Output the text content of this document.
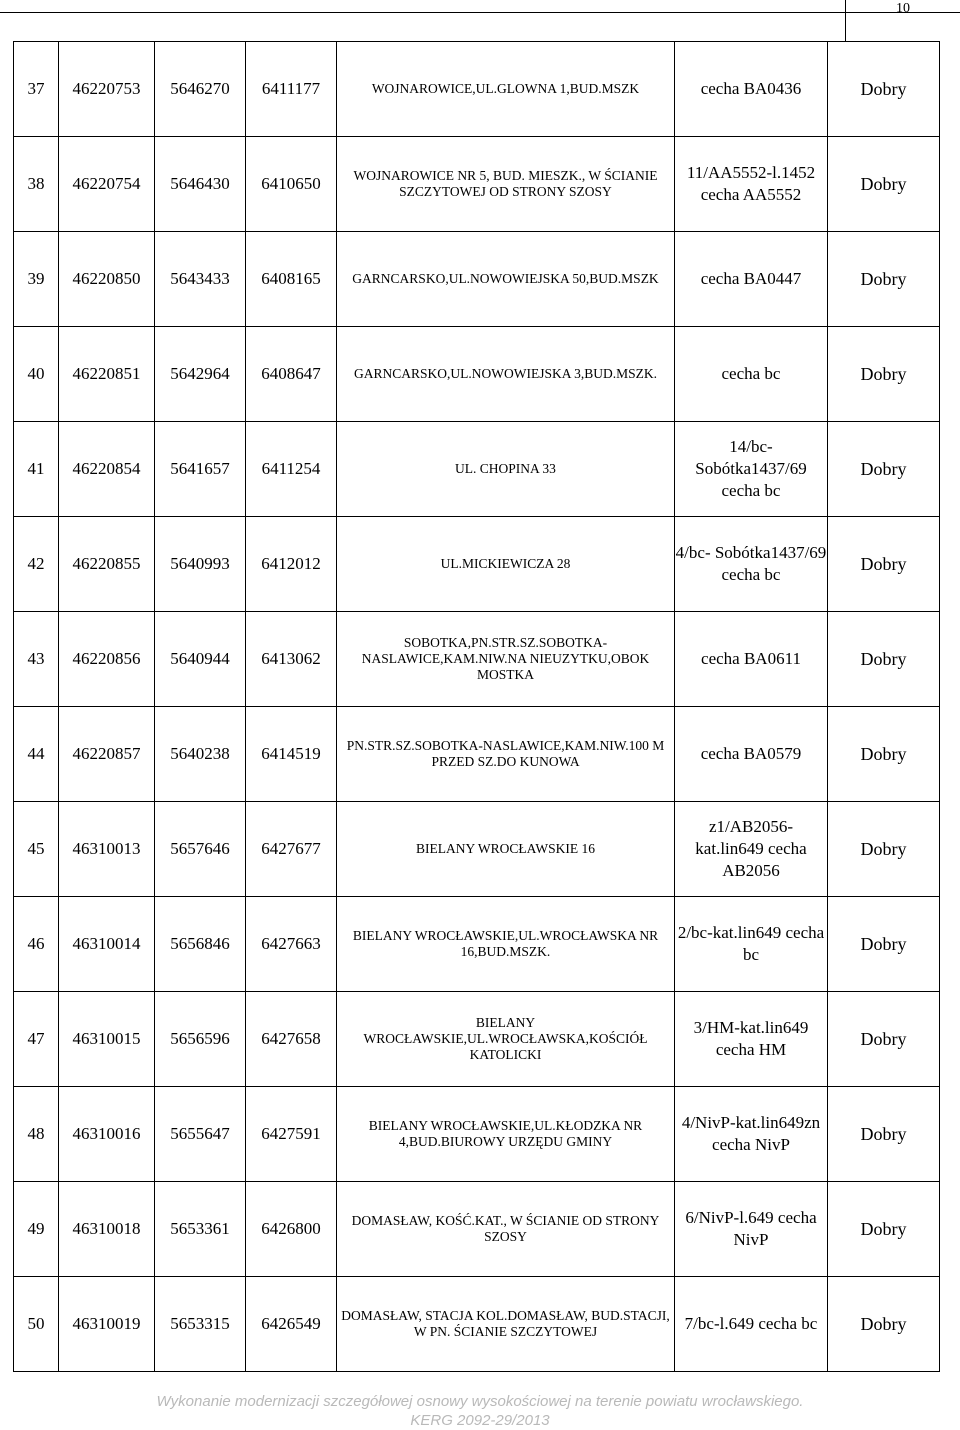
10
37	46220753	5646270	6411177	WOJNAROWICE,UL.GLOWNA 1,BUD.MSZK	cecha BA0436	Dobry
38	46220754	5646430	6410650	WOJNAROWICE NR 5, BUD. MIESZK., W ŚCIANIE SZCZYTOWEJ OD STRONY SZOSY	11/AA5552-l.1452 cecha AA5552	Dobry
39	46220850	5643433	6408165	GARNCARSKO,UL.NOWOWIEJSKA 50,BUD.MSZK	cecha BA0447	Dobry
40	46220851	5642964	6408647	GARNCARSKO,UL.NOWOWIEJSKA 3,BUD.MSZK.	cecha bc	Dobry
41	46220854	5641657	6411254	UL. CHOPINA 33	14/bc- Sobótka1437/69 cecha bc	Dobry
42	46220855	5640993	6412012	UL.MICKIEWICZA 28	4/bc- Sobótka1437/69 cecha bc	Dobry
43	46220856	5640944	6413062	SOBOTKA,PN.STR.SZ.SOBOTKA-NASLAWICE,KAM.NIW.NA NIEUZYTKU,OBOK MOSTKA	cecha BA0611	Dobry
44	46220857	5640238	6414519	PN.STR.SZ.SOBOTKA-NASLAWICE,KAM.NIW.100 M PRZED SZ.DO KUNOWA	cecha BA0579	Dobry
45	46310013	5657646	6427677	BIELANY WROCŁAWSKIE 16	z1/AB2056-kat.lin649 cecha AB2056	Dobry
46	46310014	5656846	6427663	BIELANY WROCŁAWSKIE,UL.WROCŁAWSKA NR 16,BUD.MSZK.	2/bc-kat.lin649 cecha bc	Dobry
47	46310015	5656596	6427658	BIELANY WROCŁAWSKIE,UL.WROCŁAWSKA,KOŚCIÓŁ KATOLICKI	3/HM-kat.lin649 cecha HM	Dobry
48	46310016	5655647	6427591	BIELANY WROCŁAWSKIE,UL.KŁODZKA NR 4,BUD.BIUROWY URZĘDU GMINY	4/NivP-kat.lin649zn cecha NivP	Dobry
49	46310018	5653361	6426800	DOMASŁAW, KOŚĆ.KAT., W ŚCIANIE OD STRONY SZOSY	6/NivP-l.649 cecha NivP	Dobry
50	46310019	5653315	6426549	DOMASŁAW, STACJA KOL.DOMASŁAW, BUD.STACJI, W PN. ŚCIANIE SZCZYTOWEJ	7/bc-l.649 cecha bc	Dobry
Wykonanie modernizacji szczegółowej osnowy wysokościowej na terenie powiatu wrocławskiego.
KERG 2092-29/2013
